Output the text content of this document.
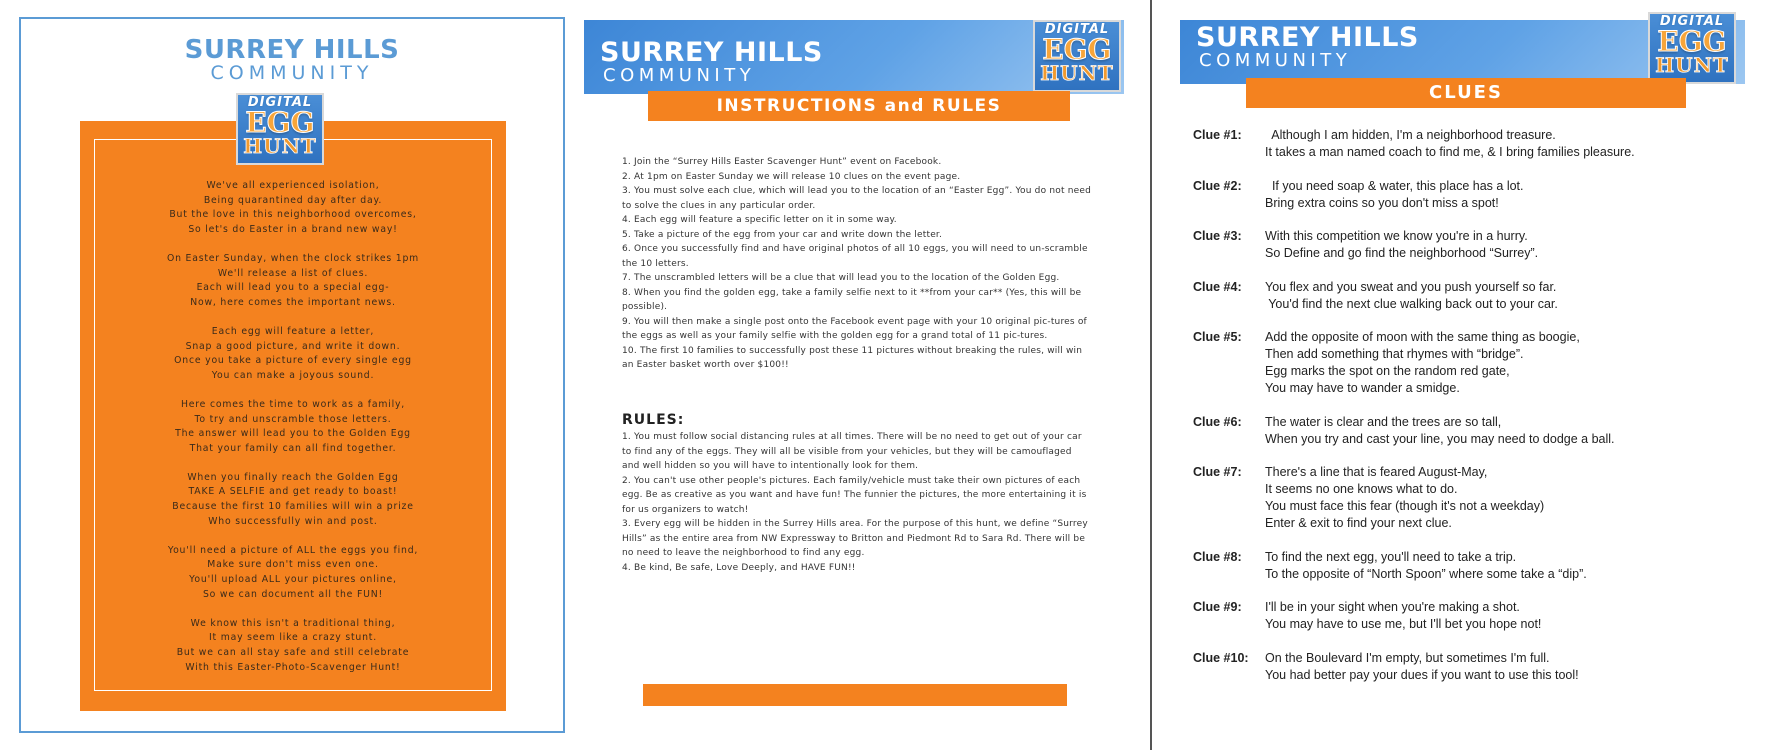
SURREY HILLS
COMMUNITY
DIGITAL
EGG
HUNT
We've all experienced isolation,
Being quarantined day after day.
But the love in this neighborhood overcomes,
So let's do Easter in a brand new way!
On Easter Sunday, when the clock strikes 1pm
We'll release a list of clues.
Each will lead you to a special egg-
Now, here comes the important news.
Each egg will feature a letter,
Snap a good picture, and write it down.
Once you take a picture of every single egg
You can make a joyous sound.
Here comes the time to work as a family,
To try and unscramble those letters.
The answer will lead you to the Golden Egg
That your family can all find together.
When you finally reach the Golden Egg
TAKE A SELFIE and get ready to boast!
Because the first 10 families will win a prize
Who successfully win and post.
You'll need a picture of ALL the eggs you find,
Make sure don't miss even one.
You'll upload ALL your pictures online,
So we can document all the FUN!
We know this isn't a traditional thing,
It may seem like a crazy stunt.
But we can all stay safe and still celebrate
With this Easter-Photo-Scavenger Hunt!
SURREY HILLS
COMMUNITY
DIGITAL
EGG
HUNT
INSTRUCTIONS and RULES
1. Join the “Surrey Hills Easter Scavenger Hunt” event on Facebook.
2. At 1pm on Easter Sunday we will release 10 clues on the event page.
3. You must solve each clue, which will lead you to the location of an “Easter Egg”. You do not need to solve the clues in any particular order.
4. Each egg will feature a specific letter on it in some way.
5. Take a picture of the egg from your car and write down the letter.
6. Once you successfully find and have original photos of all 10 eggs, you will need to un-scramble the 10 letters.
7. The unscrambled letters will be a clue that will lead you to the location of the Golden Egg.
8. When you find the golden egg, take a family selfie next to it **from your car** (Yes, this will be possible).
9. You will then make a single post onto the Facebook event page with your 10 original pic-tures of the eggs as well as your family selfie with the golden egg for a grand total of 11 pic-tures.
10. The first 10 families to successfully post these 11 pictures without breaking the rules, will win an Easter basket worth over $100!!
RULES:
1. You must follow social distancing rules at all times. There will be no need to get out of your car to find any of the eggs. They will all be visible from your vehicles, but they will be camouflaged and well hidden so you will have to intentionally look for them.
2. You can't use other people's pictures. Each family/vehicle must take their own pictures of each egg. Be as creative as you want and have fun! The funnier the pictures, the more entertaining it is for us organizers to watch!
3. Every egg will be hidden in the Surrey Hills area. For the purpose of this hunt, we define “Surrey Hills” as the entire area from NW Expressway to Britton and Piedmont Rd to Sara Rd. There will be no need to leave the neighborhood to find any egg.
4. Be kind, Be safe, Love Deeply, and HAVE FUN!!
SURREY HILLS
COMMUNITY
DIGITAL
EGG
HUNT
CLUES
Clue #1:	Although I am hidden, I'm a neighborhood treasure.
It takes a man named coach to find me, & I bring families pleasure.
Clue #2:	If you need soap & water, this place has a lot.
Bring extra coins so you don't miss a spot!
Clue #3:	With this competition we know you're in a hurry.
So Define and go find the neighborhood “Surrey”.
Clue #4:	You flex and you sweat and you push yourself so far.
You'd find the next clue walking back out to your car.
Clue #5:	Add the opposite of moon with the same thing as boogie,
Then add something that rhymes with “bridge”.
Egg marks the spot on the random red gate,
You may have to wander a smidge.
Clue #6:	The water is clear and the trees are so tall,
When you try and cast your line, you may need to dodge a ball.
Clue #7:	There's a line that is feared August-May,
It seems no one knows what to do.
You must face this fear (though it's not a weekday)
Enter & exit to find your next clue.
Clue #8:	To find the next egg, you'll need to take a trip.
To the opposite of “North Spoon” where some take a “dip”.
Clue #9:	I'll be in your sight when you're making a shot.
You may have to use me, but I'll bet you hope not!
Clue #10:	On the Boulevard I'm empty, but sometimes I'm full.
You had better pay your dues if you want to use this tool!
